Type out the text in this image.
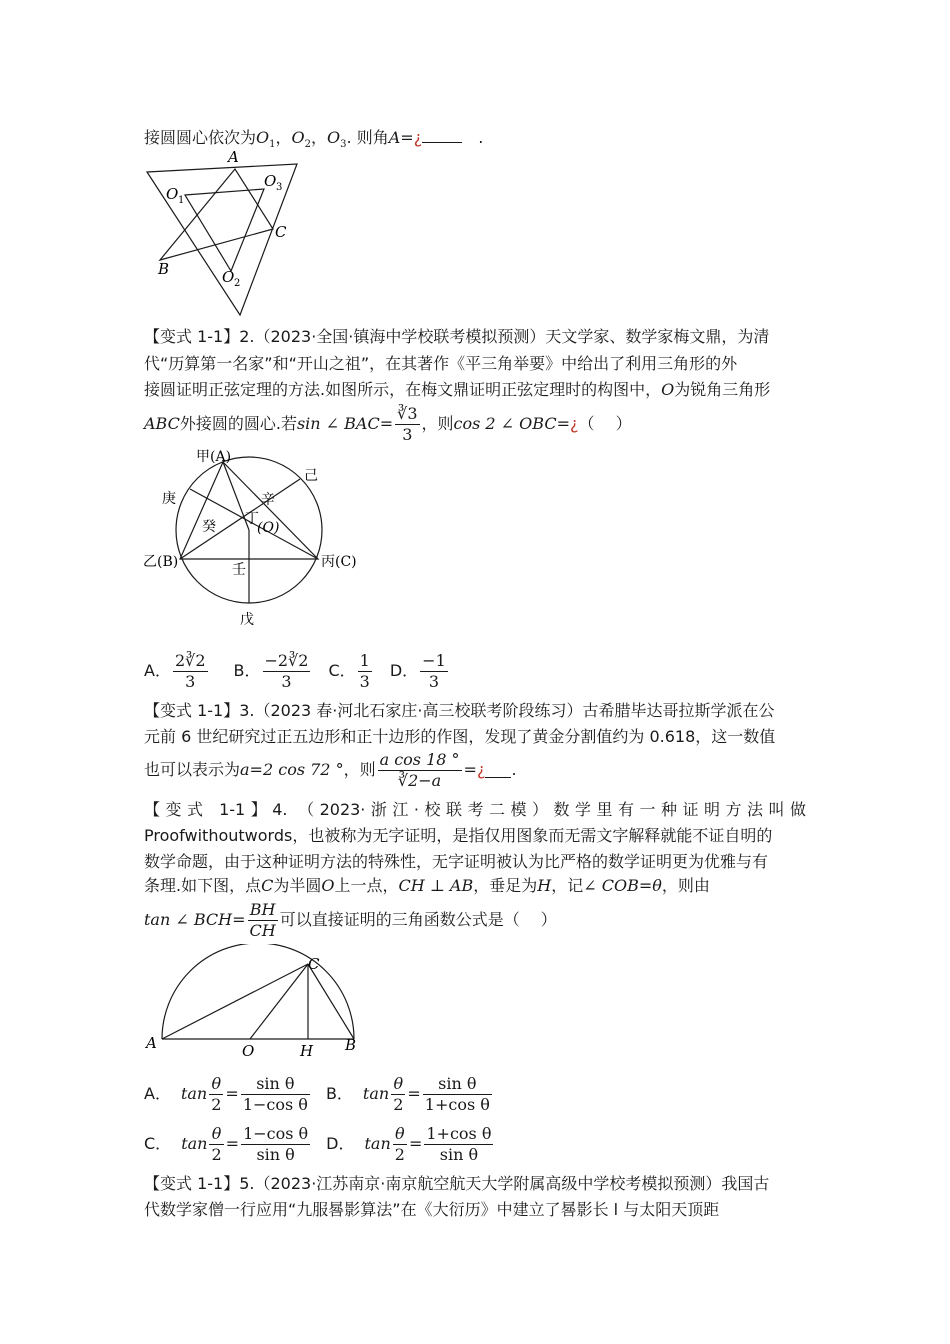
接圆圆心依次为$O_1$，$O_2$，$O_3$. 则角A=¿	.
A
O 3
O 1
C
B	O 2
【变式 1-1】2.（2023·全国·镇海中学校联考模拟预测）天文学家、数学家梅文鼎，为清
代“历算第一名家”和“开山之祖”，在其著作《平三角举要》中给出了利用三角形的外
接圆证明正弦定理的方法.如图所示，在梅文鼎证明正弦定理时的构图中，O为锐角三角形
ABC 外接圆的圆心.若 sin ∠ BAC = $\frac{∛3}{3}$ ，则 cos 2 ∠ OBC = ¿ （　 ）
甲(A)
己
庚	辛
丁
(O)
癸
乙(B)	丙(C)
壬
戊
A． $\frac{2∛2}{3}$ B． $\frac{-2∛2}{3}$ C． $\frac{1}{3}$ D． $\frac{-1}{3}$
【变式 1-1】3.（2023 春·河北石家庄·高三校联考阶段练习）古希腊毕达哥拉斯学派在公
元前 6 世纪研究过正五边形和正十边形的作图，发现了黄金分割值约为 0.618，这一数值
也可以表示为 a=2 cos 72 ° ，则 $\frac{\text{a cos 18 °}}{∛2-a}$ = ¿ .
【变式 1-1】4. （2023·浙江·校联考二模）数学里有一种证明方法叫做
Proofwithoutwords，也被称为无字证明，是指仅用图象而无需文字解释就能不证自明的
数学命题，由于这种证明方法的特殊性，无字证明被认为比严格的数学证明更为优雅与有
条理.如下图，点C为半圆O上一点，CH ⊥ AB，垂足为H，记∠ COB=θ，则由
tan ∠ BCH = $\frac{BH}{CH}$ 可以直接证明的三角函数公式是（　 ）
C
A	O	H B
A． $\tan \frac{\theta}{2} = \frac{\text{sin θ}}{\text{1−cos θ}}$ B． $\tan \frac{\theta}{2} = \frac{\text{sin θ}}{\text{1+cos θ}}$
C． $\tan \frac{\theta}{2} = \frac{\text{1−cos θ}}{\text{sin θ}}$ D． $\tan \frac{\theta}{2} = \frac{\text{1+cos θ}}{\text{sin θ}}$
【变式 1-1】5.（2023·江苏南京·南京航空航天大学附属高级中学校考模拟预测）我国古
代数学家僧一行应用“九服晷影算法”在《大衍历》中建立了晷影长 l 与太阳天顶距
